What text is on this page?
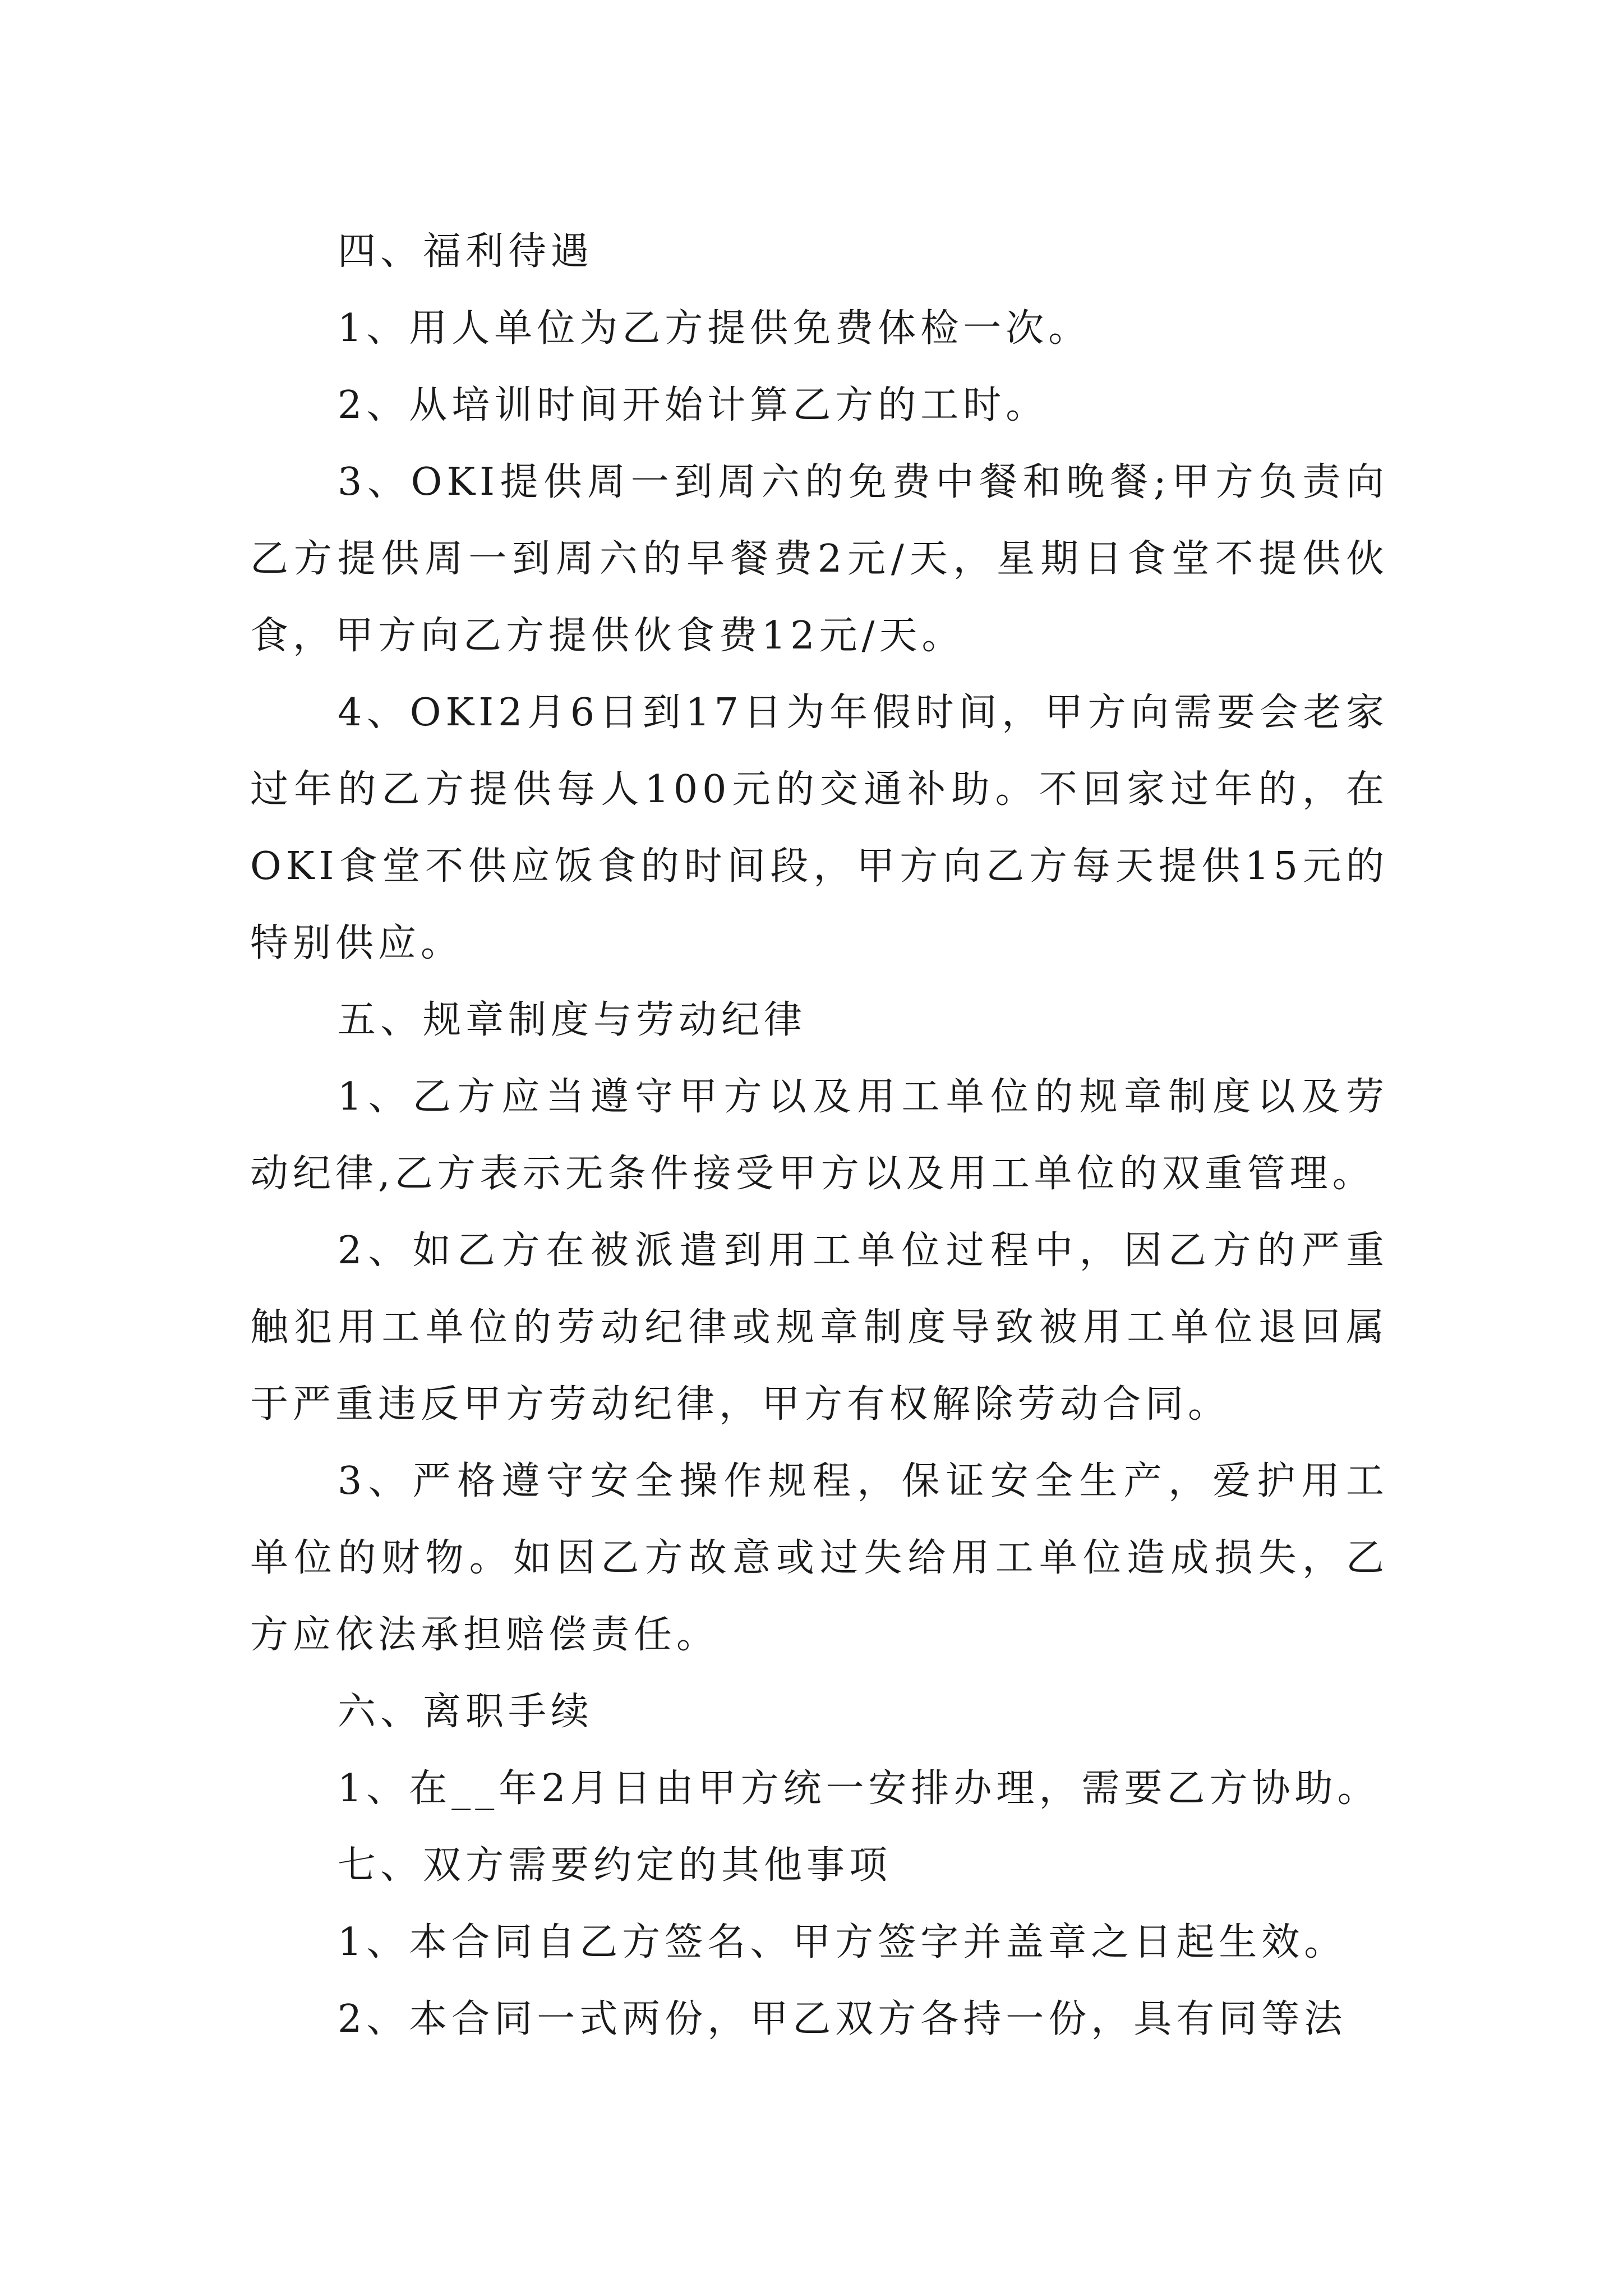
四、福利待遇

1、用人单位为乙方提供免费体检一次。

2、从培训时间开始计算乙方的工时。

3、OKI提供周一到周六的免费中餐和晚餐;甲方负责向乙方提供周一到周六的早餐费2元/天，星期日食堂不提供伙食，甲方向乙方提供伙食费12元/天。

4、OKI2月6日到17日为年假时间，甲方向需要会老家过年的乙方提供每人100元的交通补助。不回家过年的，在OKI食堂不供应饭食的时间段，甲方向乙方每天提供15元的特别供应。

五、规章制度与劳动纪律

1、乙方应当遵守甲方以及用工单位的规章制度以及劳动纪律,乙方表示无条件接受甲方以及用工单位的双重管理。

2、如乙方在被派遣到用工单位过程中，因乙方的严重触犯用工单位的劳动纪律或规章制度导致被用工单位退回属于严重违反甲方劳动纪律，甲方有权解除劳动合同。

3、严格遵守安全操作规程，保证安全生产，爱护用工单位的财物。如因乙方故意或过失给用工单位造成损失，乙方应依法承担赔偿责任。

六、离职手续

1、在__年2月日由甲方统一安排办理，需要乙方协助。

七、双方需要约定的其他事项

1、本合同自乙方签名、甲方签字并盖章之日起生效。

2、本合同一式两份，甲乙双方各持一份，具有同等法
